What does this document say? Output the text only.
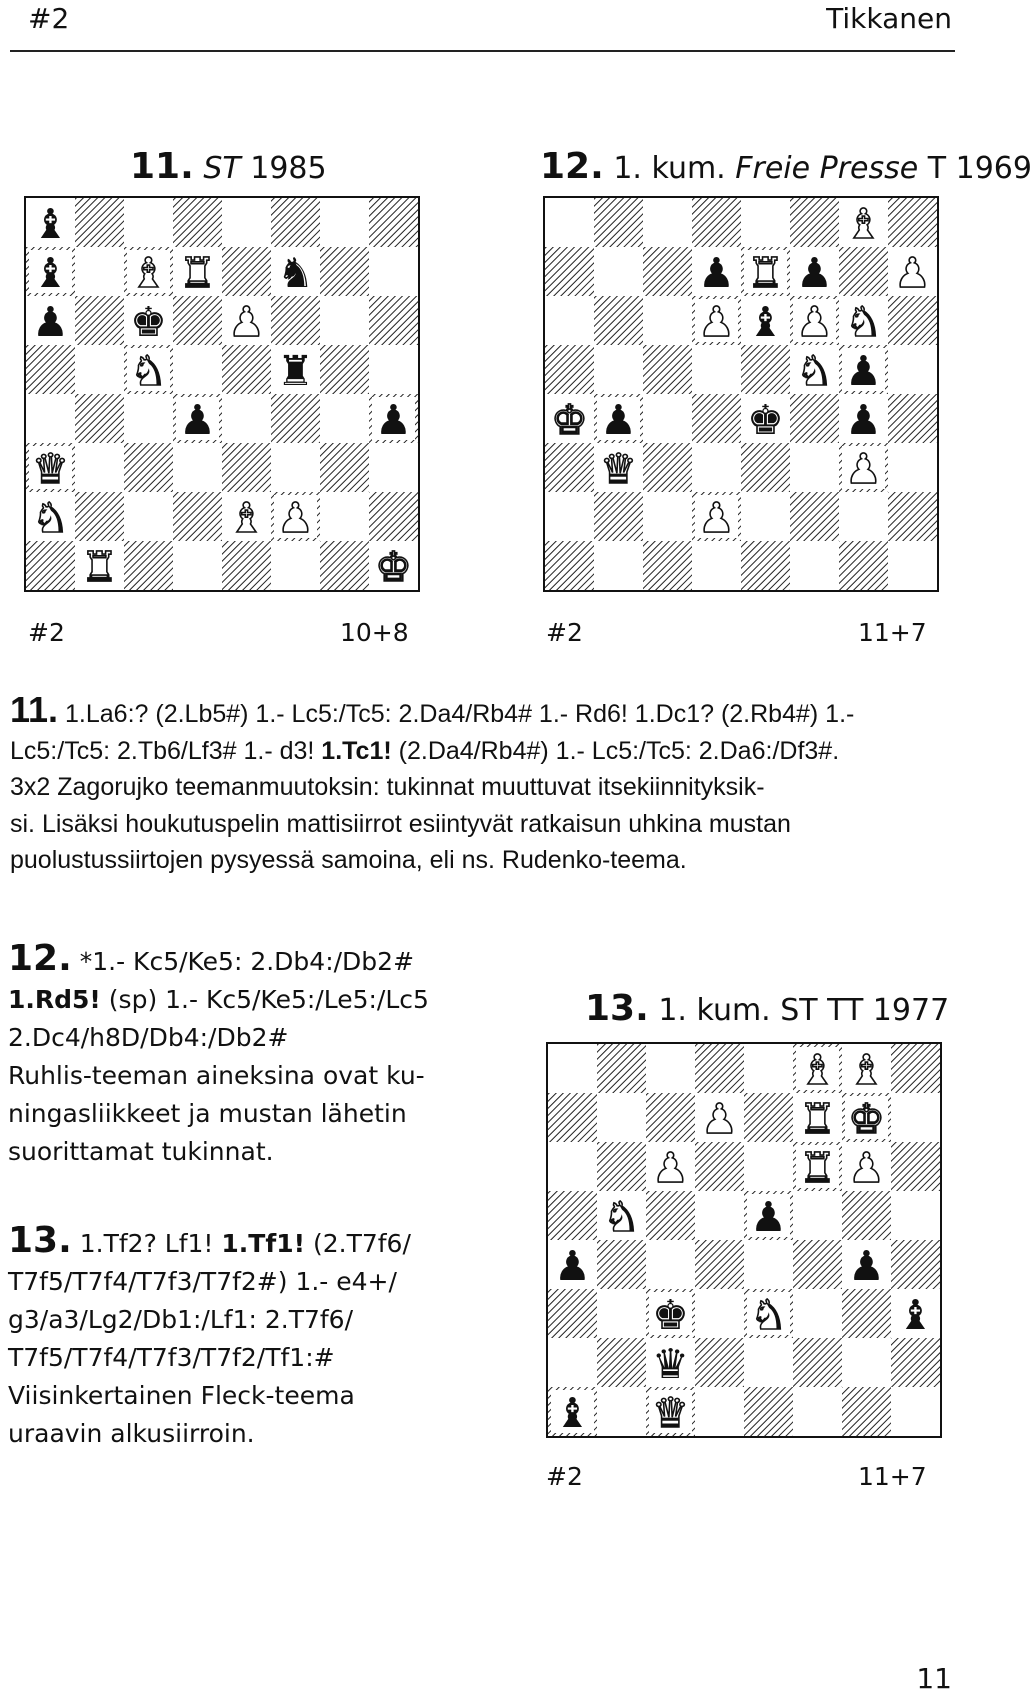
#2	Tikkanen
11. ST 1985
♝
♝ ♝ ♜ ♞
♟ ♚ ♟
♞	♜
♟	♟
♛
♞	♝ ♟
♜	♚
#2	10+8
12. 1. kum. Freie Presse T 1969
♝
♟ ♜ ♟ ♟
♟ ♝ ♟ ♞
♞ ♟
♚ ♟	♚ ♟
♛	♟
♟
#2	11+7
11. 1.La6:? (2.Lb5#) 1.- Lc5:/Tc5: 2.Da4/Rb4# 1.- Rd6! 1.Dc1? (2.Rb4#) 1.-
Lc5:/Tc5: 2.Tb6/Lf3# 1.- d3! 1.Tc1! (2.Da4/Rb4#) 1.- Lc5:/Tc5: 2.Da6:/Df3#.
3x2 Zagorujko teemanmuutoksin: tukinnat muuttuvat itsekiinnityksik-
si. Lisäksi houkutuspelin mattisiirrot esiintyvät ratkaisun uhkina mustan
puolustussiirtojen pysyessä samoina, eli ns. Rudenko-teema.
12. *1.- Kc5/Ke5: 2.Db4:/Db2#
1.Rd5! (sp) 1.- Kc5/Ke5:/Le5:/Lc5
2.Dc4/h8D/Db4:/Db2#
Ruhlis-teeman aineksina ovat ku-
ningasliikkeet ja mustan lähetin
suorittamat tukinnat.
13. 1.Tf2? Lf1! 1.Tf1! (2.T7f6/
T7f5/T7f4/T7f3/T7f2#) 1.- e4+/
g3/a3/Lg2/Db1:/Lf1: 2.T7f6/
T7f5/T7f4/T7f3/T7f2/Tf1:#
Viisinkertainen Fleck-teema
uraavin alkusiirroin.
13. 1. kum. ST TT 1977
♝ ♝
♟ ♜ ♚
♟	♜ ♟
♞	♟
♟	♟
♞
♚	♝
♛
♝ ♛
#2	11+7
11
